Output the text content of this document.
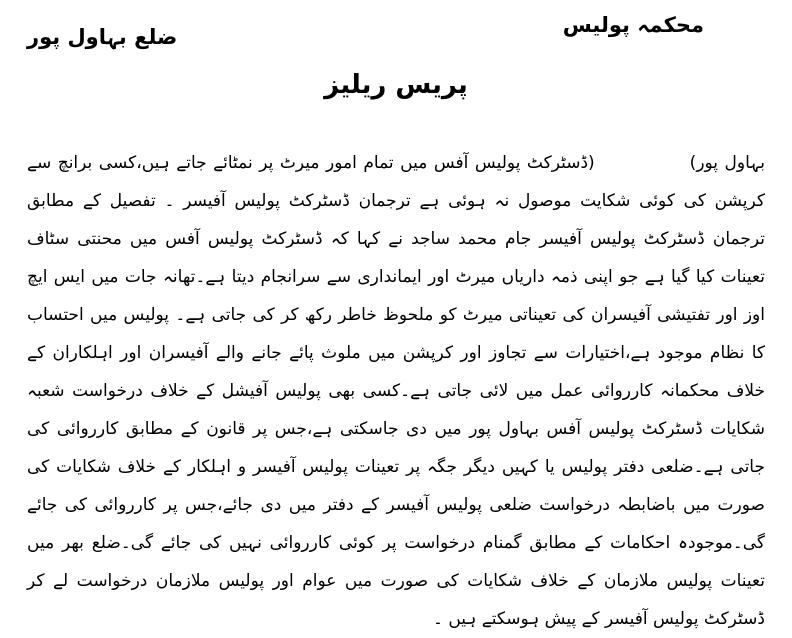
ضلع بہاول پور	محکمہ پولیس
پریس ریلیز

بہاول پور()ڈسٹرکٹ پولیس آفس میں تمام امور میرٹ پر نمٹائے جاتے ہیں،کسی برانچ سے کرپشن کی کوئی شکایت موصول نہ ہوئی ہے ترجمان ڈسٹرکٹ پولیس آفیسر ۔ تفصیل کے مطابق ترجمان ڈسٹرکٹ پولیس آفیسر جام محمد ساجد نے کہا کہ ڈسٹرکٹ پولیس آفس میں محنتی سٹاف تعینات کیا گیا ہے جو اپنی ذمہ داریاں میرٹ اور ایمانداری سے سرانجام دیتا ہے۔تھانہ جات میں ایس ایچ اوز اور تفتیشی آفیسران کی تعیناتی میرٹ کو ملحوظ خاطر رکھ کر کی جاتی ہے۔ پولیس میں احتساب کا نظام موجود ہے،اختیارات سے تجاوز اور کرپشن میں ملوث پائے جانے والے آفیسران اور اہلکاران کے خلاف محکمانہ کارروائی عمل میں لائی جاتی ہے۔کسی بھی پولیس آفیشل کے خلاف درخواست شعبہ شکایات ڈسٹرکٹ پولیس آفس بہاول پور میں دی جاسکتی ہے،جس پر قانون کے مطابق کارروائی کی جاتی ہے۔ضلعی دفتر پولیس یا کہیں دیگر جگہ پر تعینات پولیس آفیسر و اہلکار کے خلاف شکایات کی صورت میں باضابطہ درخواست ضلعی پولیس آفیسر کے دفتر میں دی جائے،جس پر کارروائی کی جائے گی۔موجودہ احکامات کے مطابق گمنام درخواست پر کوئی کارروائی نہیں کی جائے گی۔ضلع بھر میں تعینات پولیس ملازمان کے خلاف شکایات کی صورت میں عوام اور پولیس ملازمان درخواست لے کر ڈسٹرکٹ پولیس آفیسر کے پیش ہوسکتے ہیں ۔
